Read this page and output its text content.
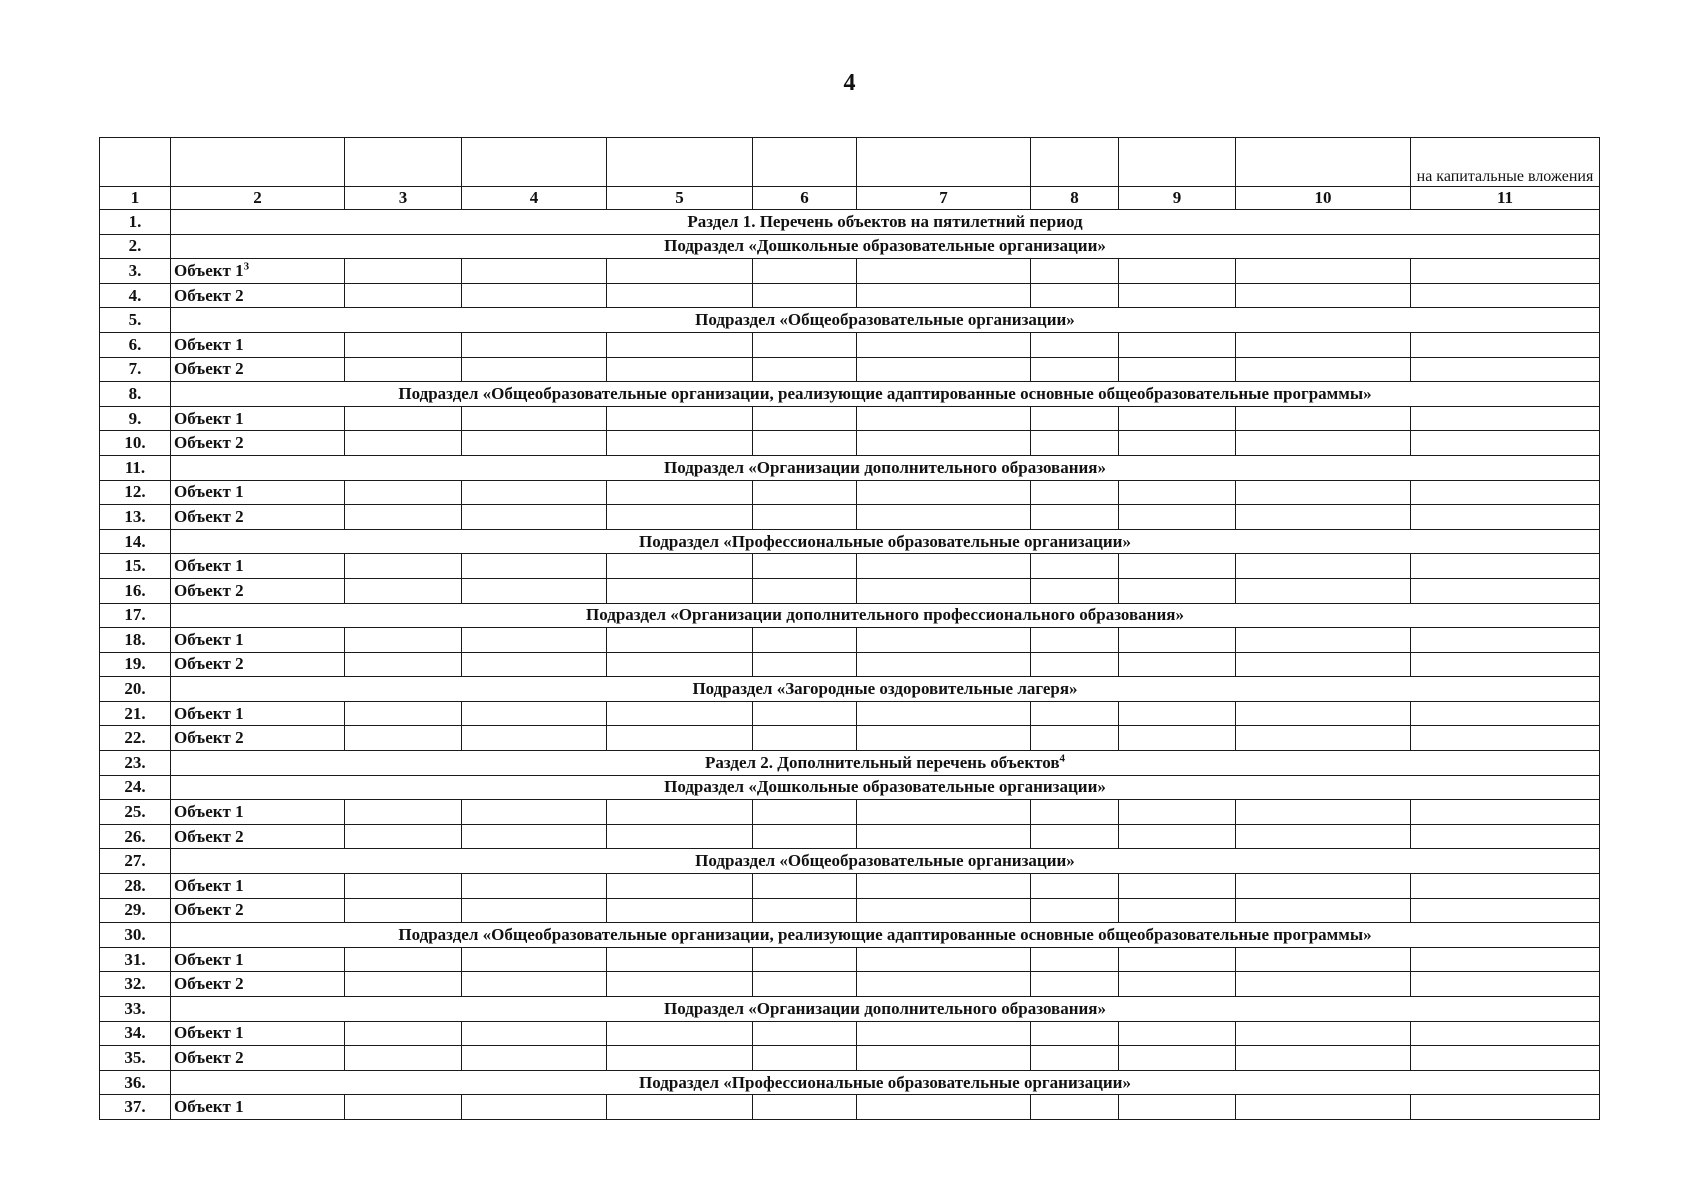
4
										на капитальные вложения
1	2	3	4	5	6	7	8	9	10	11
1.	Раздел 1. Перечень объектов на пятилетний период									
2.	Подраздел «Дошкольные образовательные организации»									
3.	Объект $1^3$									
4.	Объект 2									
5.	Подраздел «Общеобразовательные организации»									
6.	Объект 1									
7.	Объект 2									
8.	Подраздел «Общеобразовательные организации, реализующие адаптированные основные общеобразовательные программы»									
9.	Объект 1									
10.	Объект 2									
11.	Подраздел «Организации дополнительного образования»									
12.	Объект 1									
13.	Объект 2									
14.	Подраздел «Профессиональные образовательные организации»									
15.	Объект 1									
16.	Объект 2									
17.	Подраздел «Организации дополнительного профессионального образования»									
18.	Объект 1									
19.	Объект 2									
20.	Подраздел «Загородные оздоровительные лагеря»									
21.	Объект 1									
22.	Объект 2									
23.	Раздел 2. Дополнительный перечень объектов$^4$
24.	Подраздел «Дошкольные образовательные организации»									
25.	Объект 1									
26.	Объект 2									
27.	Подраздел «Общеобразовательные организации»									
28.	Объект 1									
29.	Объект 2									
30.	Подраздел «Общеобразовательные организации, реализующие адаптированные основные общеобразовательные программы»									
31.	Объект 1									
32.	Объект 2									
33.	Подраздел «Организации дополнительного образования»									
34.	Объект 1									
35.	Объект 2									
36.	Подраздел «Профессиональные образовательные организации»									
37.	Объект 1									
